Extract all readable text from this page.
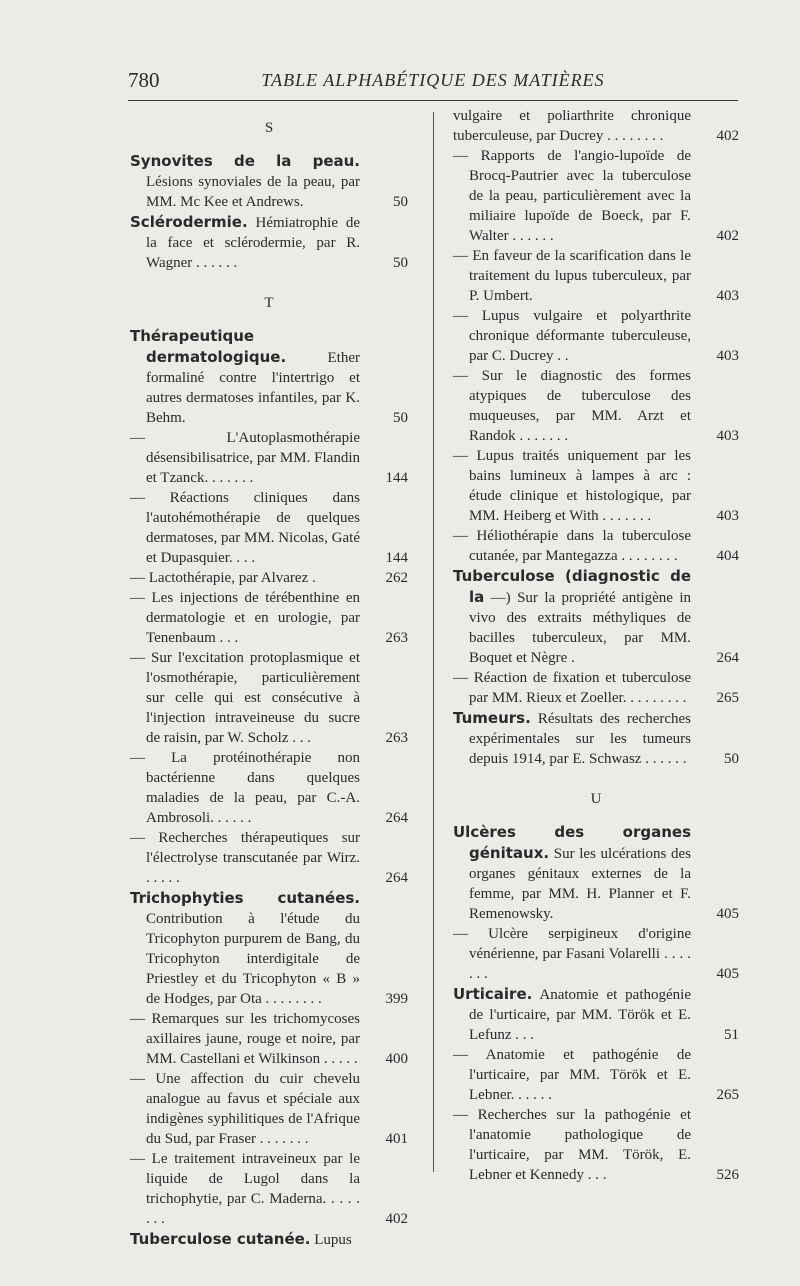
780	TABLE ALPHABÉTIQUE DES MATIÈRES

S

Synovites de la peau. Lésions synoviales de la peau, par MM. Mc Kee et Andrews.	50

Sclérodermie. Hémiatrophie de la face et sclérodermie, par R. Wagner . . . . . .	50

T

Thérapeutique dermatologique. Ether formaliné contre l'intertrigo et autres dermatoses infantiles, par K. Behm.	50

— L'Autoplasmothérapie désensibilisatrice, par MM. Flandin et Tzanck. . . . . . .	144

— Réactions cliniques dans l'autohémothérapie de quelques dermatoses, par MM. Nicolas, Gaté et Dupasquier. . . .	144

— Lactothérapie, par Alvarez .	262

— Les injections de térébenthine en dermatologie et en urologie, par Tenenbaum . . .	263

— Sur l'excitation protoplasmique et l'osmothérapie, particulièrement sur celle qui est consécutive à l'injection intraveineuse du sucre de raisin, par W. Scholz . . .	263

— La protéinothérapie non bactérienne dans quelques maladies de la peau, par C.-A. Ambrosoli. . . . . .	264

— Recherches thérapeutiques sur l'électrolyse transcutanée par Wirz. . . . . .	264

Trichophyties cutanées. Contribution à l'étude du Tricophyton purpurem de Bang, du Tricophyton interdigitale de Priestley et du Tricophyton « B » de Hodges, par Ota . . . . . . . .	399

— Remarques sur les trichomycoses axillaires jaune, rouge et noire, par MM. Castellani et Wilkinson . . . . .	400

— Une affection du cuir chevelu analogue au favus et spéciale aux indigènes syphilitiques de l'Afrique du Sud, par Fraser . . . . . . .	401

— Le traitement intraveineux par le liquide de Lugol dans la trichophytie, par C. Maderna. . . . . . . .	402

Tuberculose cutanée. Lupus

vulgaire et poliarthrite chronique tuberculeuse, par Ducrey . . . . . . . .	402

— Rapports de l'angio-lupoïde de Brocq-Pautrier avec la tuberculose de la peau, particulièrement avec la miliaire lupoïde de Boeck, par F. Walter . . . . . .	402

— En faveur de la scarification dans le traitement du lupus tuberculeux, par P. Umbert.	403

— Lupus vulgaire et polyarthrite chronique déformante tuberculeuse, par C. Ducrey . .	403

— Sur le diagnostic des formes atypiques de tuberculose des muqueuses, par MM. Arzt et Randok . . . . . . .	403

— Lupus traités uniquement par les bains lumineux à lampes à arc : étude clinique et histologique, par MM. Heiberg et With . . . . . . .	403

— Héliothérapie dans la tuberculose cutanée, par Mantegazza . . . . . . . .	404

Tuberculose (diagnostic de la —) Sur la propriété antigène in vivo des extraits méthyliques de bacilles tuberculeux, par MM. Boquet et Nègre .	264

— Réaction de fixation et tuberculose par MM. Rieux et Zoeller. . . . . . . . .	265

Tumeurs. Résultats des recherches expérimentales sur les tumeurs depuis 1914, par E. Schwasz . . . . . .	50

U

Ulcères des organes génitaux. Sur les ulcérations des organes génitaux externes de la femme, par MM. H. Planner et F. Remenowsky.	405

— Ulcère serpigineux d'origine vénérienne, par Fasani Volarelli . . . . . . .	405

Urticaire. Anatomie et pathogénie de l'urticaire, par MM. Török et E. Lefunz . . .	51

— Anatomie et pathogénie de l'urticaire, par MM. Török et E. Lebner. . . . . .	265

— Recherches sur la pathogénie et l'anatomie pathologique de l'urticaire, par MM. Török, E. Lebner et Kennedy . . .	526
